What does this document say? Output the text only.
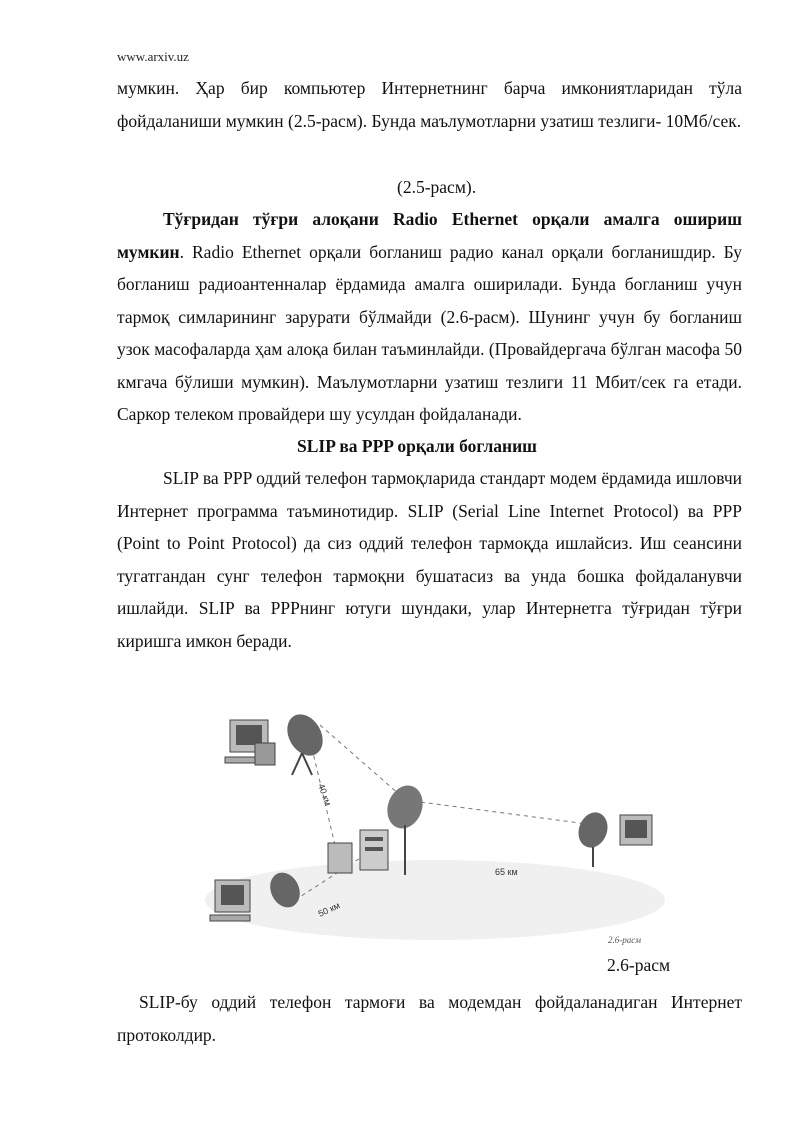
www.arxiv.uz

мумкин. Ҳар бир компьютер Интернетнинг барча имкониятларидан тўла фойдаланиши мумкин (2.5-расм). Бунда маълумотларни узатиш тезлиги- 10Мб/сек.

(2.5-расм).

Тўғридан тўғри алоқани Radio Ethernet орқали амалга ошириш мумкин. Radio Ethernet орқали богланиш радио канал орқали богланишдир. Бу богланиш радиоантенналар ёрдамида амалга оширилади. Бунда богланиш учун тармоқ симларининг зарурати бўлмайди (2.6-расм). Шунинг учун бу богланиш узок масофаларда ҳам алоқа билан таъминлайди. (Провайдергача бўлган масофа 50 кмгача бўлиши мумкин). Маълумотларни узатиш тезлиги 11 Мбит/сек га етади. Саркор телеком провайдери шу усулдан фойдаланади.

SLIP ва PPP орқали богланиш

SLIP ва PPP оддий телефон тармоқларида стандарт модем ёрдамида ишловчи Интернет программа таъминотидир. SLIP (Serial Line Internet Protocol) ва PPP (Point to Point Protocol) да сиз оддий телефон тармоқда ишлайсиз. Иш сеансини тугатгандан сунг телефон тармоқни бушатасиз ва унда бошка фойдаланувчи ишлайди. SLIP ва PPPнинг ютуги шундаки, улар Интернетга тўғридан тўғри киришга имкон беради.

40 км
50 км
65 км
2.6-расм
2.6-расм

SLIP-бу оддий телефон тармоғи ва модемдан фойдаланадиган Интернет протоколдир.
